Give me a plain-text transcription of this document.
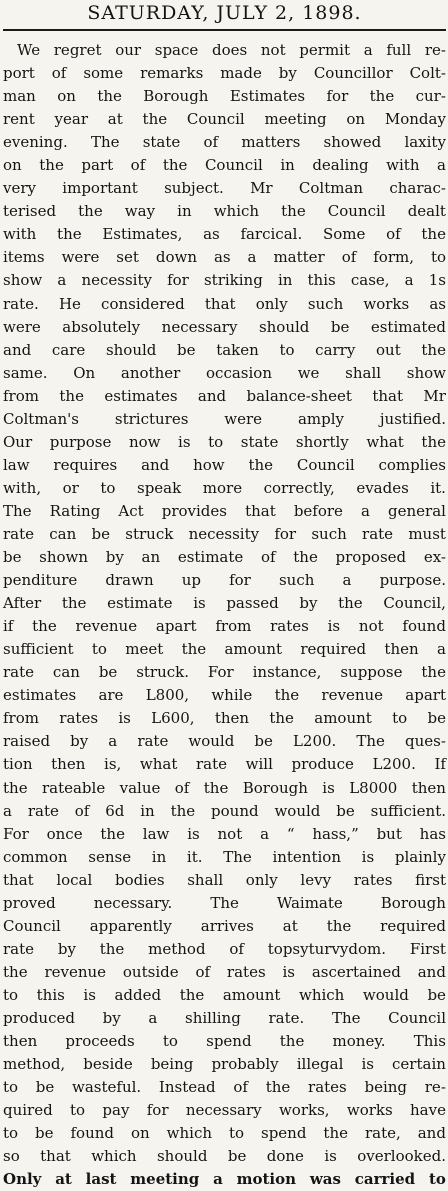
SATURDAY, JULY 2, 1898.
We regret our space does not permit a full re-
port of some remarks made by Councillor Colt-
man on the Borough Estimates for the cur-
rent year at the Council meeting on Monday
evening. The state of matters showed laxity
on the part of the Council in dealing with a
very important subject. Mr Coltman charac-
terised the way in which the Council dealt
with the Estimates, as farcical. Some of the
items were set down as a matter of form, to
show a necessity for striking in this case, a 1s
rate. He considered that only such works as
were absolutely necessary should be estimated
and care should be taken to carry out the
same. On another occasion we shall show
from the estimates and balance-sheet that Mr
Coltman's strictures were amply justified.
Our purpose now is to state shortly what the
law requires and how the Council complies
with, or to speak more correctly, evades it.
The Rating Act provides that before a general
rate can be struck necessity for such rate must
be shown by an estimate of the proposed ex-
penditure drawn up for such a purpose.
After the estimate is passed by the Council,
if the revenue apart from rates is not found
sufficient to meet the amount required then a
rate can be struck. For instance, suppose the
estimates are L800, while the revenue apart
from rates is L600, then the amount to be
raised by a rate would be L200. The ques-
tion then is, what rate will produce L200. If
the rateable value of the Borough is L8000 then
a rate of 6d in the pound would be sufficient.
For once the law is not a “ hass,” but has
common sense in it. The intention is plainly
that local bodies shall only levy rates first
proved	necessary.	The	Waimate	Borough
Council apparently arrives at the required
rate by the method of topsyturvydom. First
the revenue outside of rates is ascertained and
to this is added the amount which would be
produced by a shilling rate. The Council
then proceeds to spend the money. This
method, beside being probably illegal is certain
to be wasteful. Instead of the rates being re-
quired to pay for necessary works, works have
to be found on which to spend the rate, and
so that which should be done is overlooked.
Only at last meeting a motion was carried to
